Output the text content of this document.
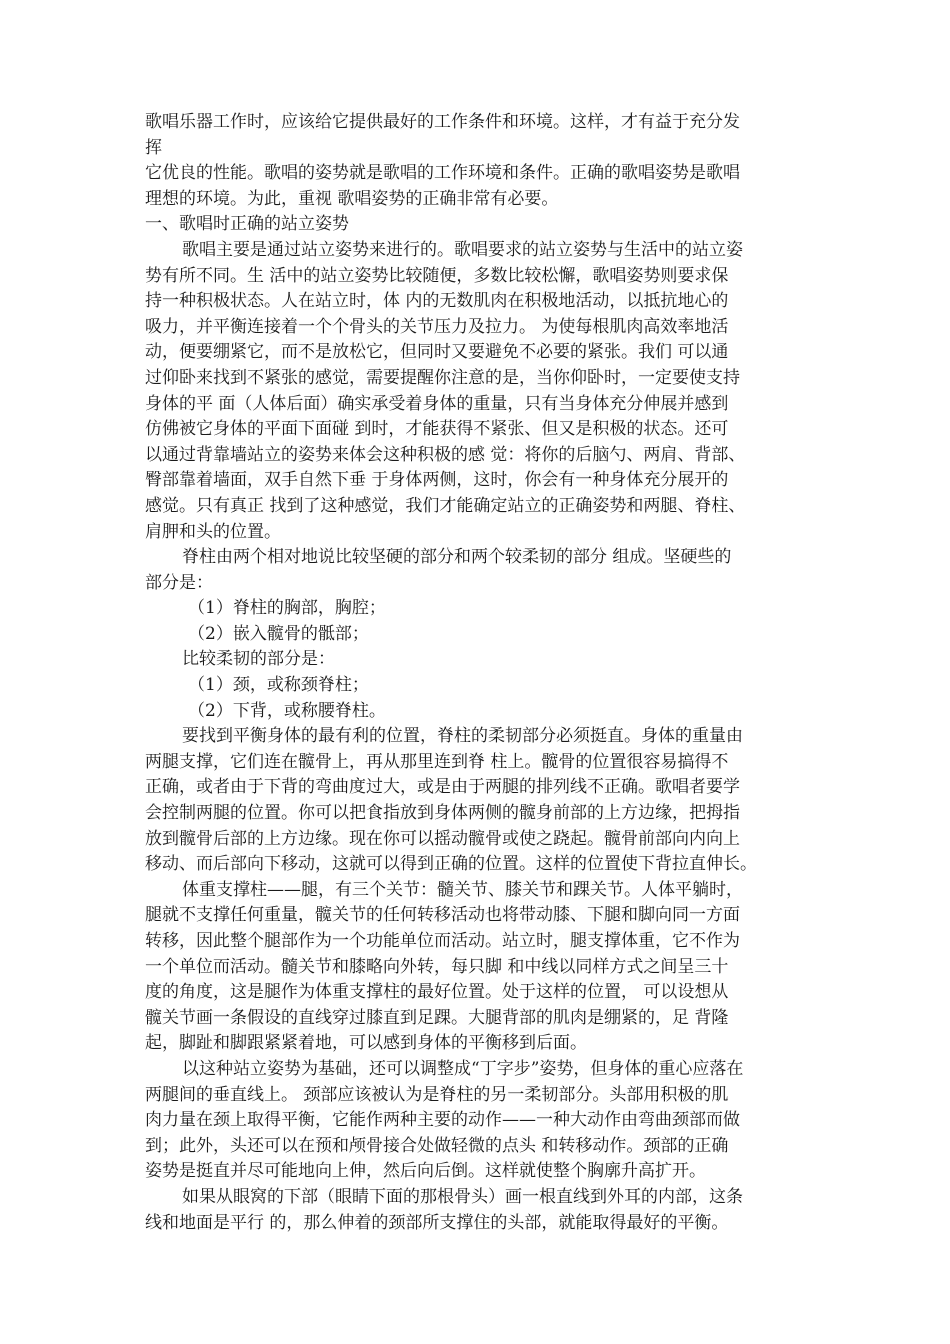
歌唱乐器工作时，应该给它提供最好的工作条件和环境。这样，才有益于充分发
挥
它优良的性能。歌唱的姿势就是歌唱的工作环境和条件。正确的歌唱姿势是歌唱
理想的环境。为此，重视 歌唱姿势的正确非常有必要。
一、歌唱时正确的站立姿势
歌唱主要是通过站立姿势来进行的。歌唱要求的站立姿势与生活中的站立姿
势有所不同。生 活中的站立姿势比较随便，多数比较松懈，歌唱姿势则要求保
持一种积极状态。人在站立时，体 内的无数肌肉在积极地活动，以抵抗地心的
吸力，并平衡连接着一个个骨头的关节压力及拉力。 为使每根肌肉高效率地活
动，便要绷紧它，而不是放松它，但同时又要避免不必要的紧张。我们 可以通
过仰卧来找到不紧张的感觉，需要提醒你注意的是，当你仰卧时，一定要使支持
身体的平 面（人体后面）确实承受着身体的重量，只有当身体充分伸展并感到
仿佛被它身体的平面下面碰 到时，才能获得不紧张、但又是积极的状态。还可
以通过背靠墙站立的姿势来体会这种积极的感 觉：将你的后脑勺、两肩、背部、
臀部靠着墙面，双手自然下垂 于身体两侧，这时，你会有一种身体充分展开的
感觉。只有真正 找到了这种感觉，我们才能确定站立的正确姿势和两腿、脊柱、
肩胛和头的位置。
脊柱由两个相对地说比较坚硬的部分和两个较柔韧的部分 组成。坚硬些的
部分是：
（1）脊柱的胸部，胸腔；
（2）嵌入髋骨的骶部；
比较柔韧的部分是：
（1）颈，或称颈脊柱；
（2）下背，或称腰脊柱。
要找到平衡身体的最有利的位置，脊柱的柔韧部分必须挺直。身体的重量由
两腿支撑，它们连在髋骨上，再从那里连到脊 柱上。髋骨的位置很容易搞得不
正确，或者由于下背的弯曲度过大，或是由于两腿的排列线不正确。歌唱者要学
会控制两腿的位置。你可以把食指放到身体两侧的髋身前部的上方边缘，把拇指
放到髋骨后部的上方边缘。现在你可以摇动髋骨或使之跷起。髋骨前部向内向上
移动、而后部向下移动，这就可以得到正确的位置。这样的位置使下背拉直伸长。
体重支撑柱——腿，有三个关节：髓关节、膝关节和踝关节。人体平躺时，
腿就不支撑任何重量，髋关节的任何转移活动也将带动膝、下腿和脚向同一方面
转移，因此整个腿部作为一个功能单位而活动。站立时，腿支撑体重，它不作为
一个单位而活动。髓关节和膝略向外转，每只脚 和中线以同样方式之间呈三十
度的角度，这是腿作为体重支撑柱的最好位置。处于这样的位置， 可以设想从
髋关节画一条假设的直线穿过膝直到足踝。大腿背部的肌肉是绷紧的，足 背隆
起，脚趾和脚跟紧紧着地，可以感到身体的平衡移到后面。
以这种站立姿势为基础，还可以调整成“丁字步”姿势，但身体的重心应落在
两腿间的垂直线上。 颈部应该被认为是脊柱的另一柔韧部分。头部用积极的肌
肉力量在颈上取得平衡，它能作两种主要的动作——一种大动作由弯曲颈部而做
到；此外，头还可以在预和颅骨接合处做轻微的点头 和转移动作。颈部的正确
姿势是挺直并尽可能地向上伸，然后向后倒。这样就使整个胸廓升高扩开。
如果从眼窝的下部（眼睛下面的那根骨头）画一根直线到外耳的内部，这条
线和地面是平行 的，那么伸着的颈部所支撑住的头部，就能取得最好的平衡。
